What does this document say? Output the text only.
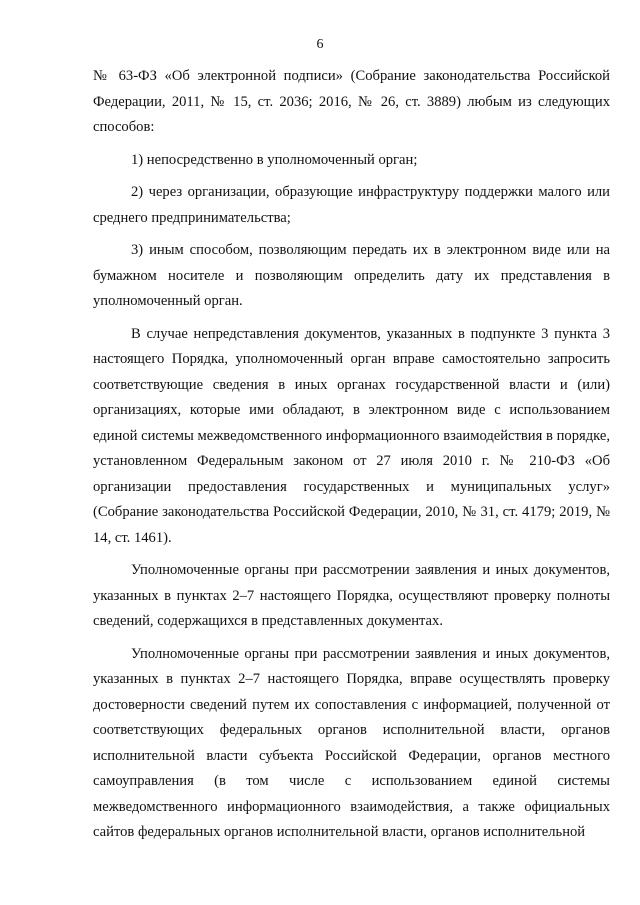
6

№ 63-ФЗ «Об электронной подписи» (Собрание законодательства Российской Федерации, 2011, № 15, ст. 2036; 2016, № 26, ст. 3889) любым из следующих способов:

1) непосредственно в уполномоченный орган;

2) через организации, образующие инфраструктуру поддержки малого или среднего предпринимательства;

3) иным способом, позволяющим передать их в электронном виде или на бумажном носителе и позволяющим определить дату их представления в уполномоченный орган.

В случае непредставления документов, указанных в подпункте 3 пункта 3 настоящего Порядка, уполномоченный орган вправе самостоятельно запросить соответствующие сведения в иных органах государственной власти и (или) организациях, которые ими обладают, в электронном виде с использованием единой системы межведомственного информационного взаимодействия в порядке, установленном Федеральным законом от 27 июля 2010 г. № 210-ФЗ «Об организации предоставления государственных и муниципальных услуг» (Собрание законодательства Российской Федерации, 2010, № 31, ст. 4179; 2019, № 14, ст. 1461).

Уполномоченные органы при рассмотрении заявления и иных документов, указанных в пунктах 2–7 настоящего Порядка, осуществляют проверку полноты сведений, содержащихся в представленных документах.

Уполномоченные органы при рассмотрении заявления и иных документов, указанных в пунктах 2–7 настоящего Порядка, вправе осуществлять проверку достоверности сведений путем их сопоставления с информацией, полученной от соответствующих федеральных органов исполнительной власти, органов исполнительной власти субъекта Российской Федерации, органов местного самоуправления (в том числе с использованием единой системы межведомственного информационного взаимодействия, а также официальных сайтов федеральных органов исполнительной власти, органов исполнительной
